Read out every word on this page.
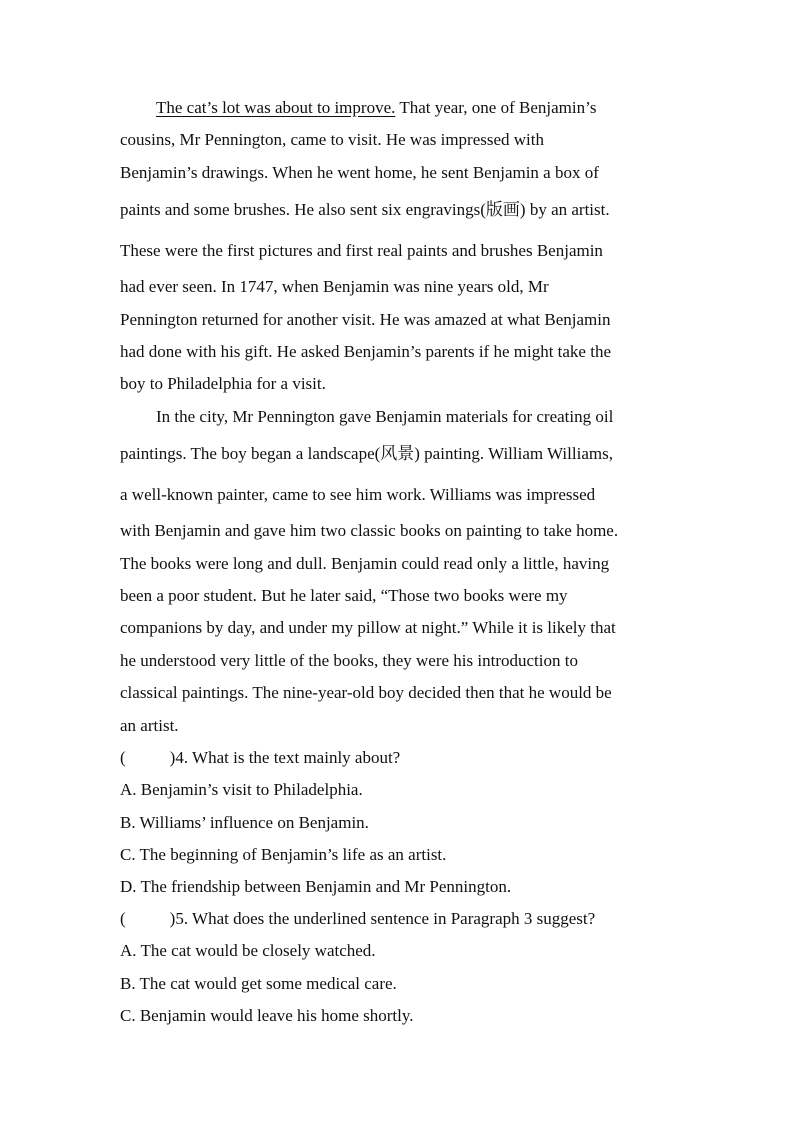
The cat’s lot was about to improve. That year, one of Benjamin’s
cousins, Mr Pennington, came to visit. He was impressed with
Benjamin’s drawings. When he went home, he sent Benjamin a box of
paints and some brushes. He also sent six engravings(版画) by an artist.
These were the first pictures and first real paints and brushes Benjamin
had ever seen. In 1747, when Benjamin was nine years old, Mr
Pennington returned for another visit. He was amazed at what Benjamin
had done with his gift. He asked Benjamin’s parents if he might take the
boy to Philadelphia for a visit.
In the city, Mr Pennington gave Benjamin materials for creating oil
paintings. The boy began a landscape(风景) painting. William Williams,
a well-known painter, came to see him work. Williams was impressed
with Benjamin and gave him two classic books on painting to take home.
The books were long and dull. Benjamin could read only a little, having
been a poor student. But he later said, “Those two books were my
companions by day, and under my pillow at night.” While it is likely that
he understood very little of the books, they were his introduction to
classical paintings. The nine-year-old boy decided then that he would be
an artist.
(	)4. What is the text mainly about?
A. Benjamin’s visit to Philadelphia.
B. Williams’ influence on Benjamin.
C. The beginning of Benjamin’s life as an artist.
D. The friendship between Benjamin and Mr Pennington.
(	)5. What does the underlined sentence in Paragraph 3 suggest?
A. The cat would be closely watched.
B. The cat would get some medical care.
C. Benjamin would leave his home shortly.
